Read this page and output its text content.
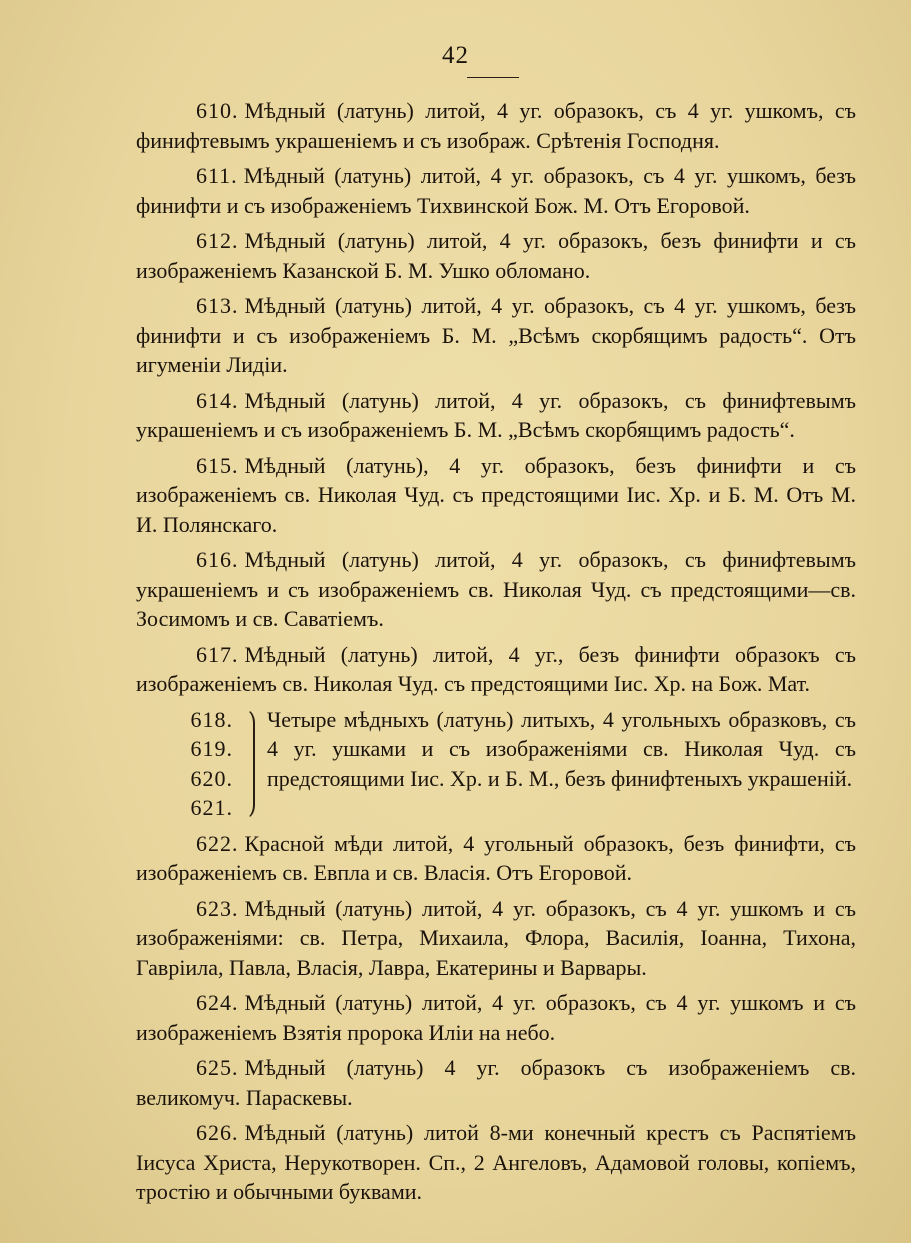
42

610. Мѣдный (латунь) литой, 4 уг. образокъ, съ 4 уг. ушкомъ, съ финифтевымъ украшенiемъ и съ изображ. Срѣтенiя Господня.

611. Мѣдный (латунь) литой, 4 уг. образокъ, съ 4 уг. ушкомъ, безъ финифти и съ изображенiемъ Тихвинской Бож. М. Отъ Егоровой.

612. Мѣдный (латунь) литой, 4 уг. образокъ, безъ финифти и съ изображенiемъ Казанской Б. М. Ушко обломано.

613. Мѣдный (латунь) литой, 4 уг. образокъ, съ 4 уг. ушкомъ, безъ финифти и съ изображенiемъ Б. М. „Всѣмъ скорбящимъ радость“. Отъ игуменiи Лидiи.

614. Мѣдный (латунь) литой, 4 уг. образокъ, съ финифтевымъ украшенiемъ и съ изображенiемъ Б. М. „Всѣмъ скорбящимъ радость“.

615. Мѣдный (латунь), 4 уг. образокъ, безъ финифти и съ изображенiемъ св. Николая Чуд. съ предстоящими Iис. Хр. и Б. М. Отъ М. И. Полянскаго.

616. Мѣдный (латунь) литой, 4 уг. образокъ, съ финифтевымъ украшенiемъ и съ изображенiемъ св. Николая Чуд. съ предстоящими—св. Зосимомъ и св. Саватiемъ.

617. Мѣдный (латунь) литой, 4 уг., безъ финифти образокъ съ изображенiемъ св. Николая Чуд. съ предстоящими Iис. Хр. на Бож. Мат.

618.
619.
620.
621.
Четыре мѣдныхъ (латунь) литыхъ, 4 угольныхъ образковъ, съ 4 уг. ушками и съ изображенiями св. Николая Чуд. съ предстоящими Iис. Хр. и Б. М., безъ финифтеныхъ украшенiй.

622. Красной мѣди литой, 4 угольный образокъ, безъ финифти, съ изображенiемъ св. Евпла и св. Власiя. Отъ Егоровой.

623. Мѣдный (латунь) литой, 4 уг. образокъ, съ 4 уг. ушкомъ и съ изображенiями: св. Петра, Михаила, Флора, Василiя, Iоанна, Тихона, Гавріила, Павла, Власiя, Лавра, Екатерины и Варвары.

624. Мѣдный (латунь) литой, 4 уг. образокъ, съ 4 уг. ушкомъ и съ изображенiемъ Взятiя пророка Илiи на небо.

625. Мѣдный (латунь) 4 уг. образокъ съ изображенiемъ св. великомуч. Параскевы.

626. Мѣдный (латунь) литой 8-ми конечный крестъ съ Распятiемъ Iисуса Христа, Нерукотворен. Сп., 2 Ангеловъ, Адамовой головы, копiемъ, тростiю и обычными буквами.
